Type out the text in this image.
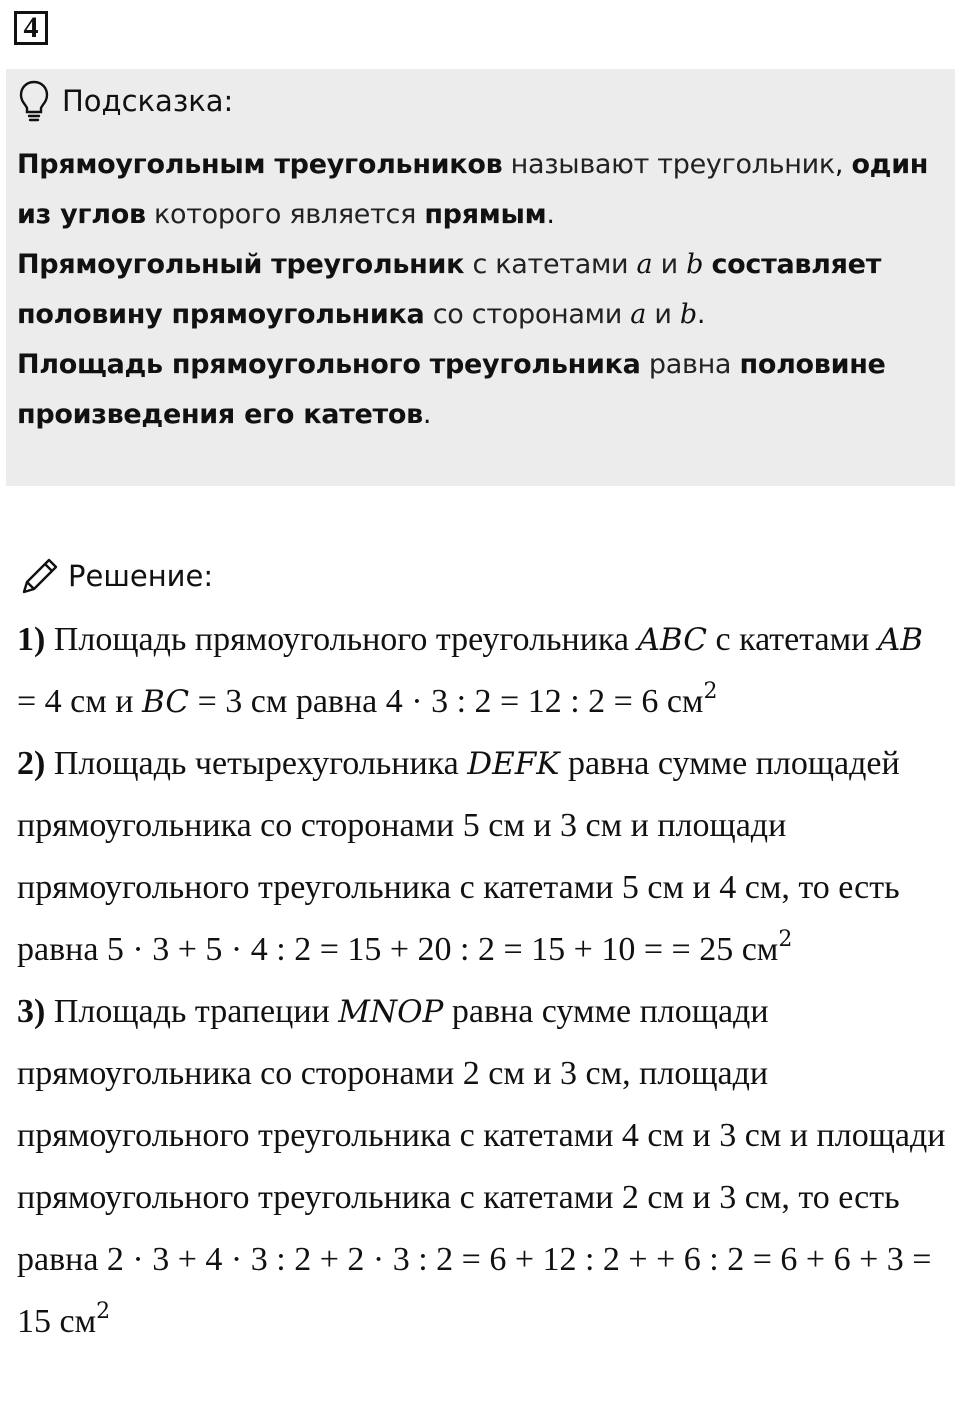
4
Подсказка:

Прямоугольным треугольников называют треугольник, один из углов которого является прямым.

Прямоугольный треугольник с катетами a и b составляет половину прямоугольника со сторонами a и b.

Площадь прямоугольного треугольника равна половине произведения его катетов.

Решение:

1) Площадь прямоугольного треугольника ABC с катетами AB = 4 см и BC = 3 см равна 4 · 3 : 2 = 12 : 2 = 6 $см^2$

2) Площадь четырехугольника DEFK равна сумме площадей прямоугольника со сторонами 5 см и 3 см и площади прямоугольного треугольника с катетами 5 см и 4 см, то есть равна 5 · 3 + 5 · 4 : 2 = 15 + 20 : 2 = 15 + 10 = = 25 $см^2$

3) Площадь трапеции MNOP равна сумме площади прямоугольника со сторонами 2 см и 3 см, площади прямоугольного треугольника с катетами 4 см и 3 см и площади прямоугольного треугольника с катетами 2 см и 3 см, то есть равна 2 · 3 + 4 · 3 : 2 + 2 · 3 : 2 = 6 + 12 : 2 + + 6 : 2 = 6 + 6 + 3 = 15 $см^2$
